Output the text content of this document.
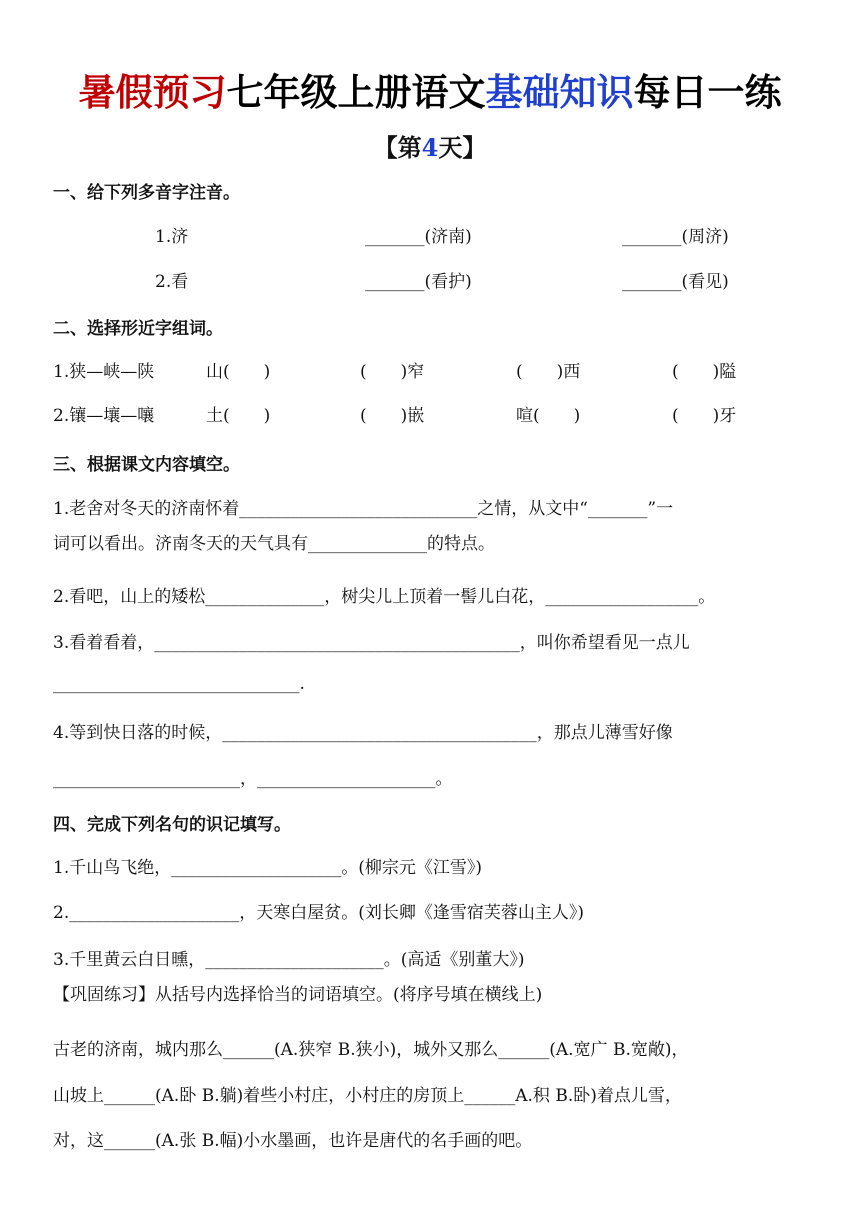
暑假预习七年级上册语文基础知识每日一练
【第4天】
一、给下列多音字注音。
1.济	_______(济南)	_______(周济)
2.看	_______(看护)	_______(看见)
二、选择形近字组词。
1.狭—峡—陕	山(　　)	(　　)窄	(　　)西	(　　)隘
2.镶—壤—嚷	土(　　)	(　　)嵌	喧(　　)	(　　)牙
三、根据课文内容填空。
1.老舍对冬天的济南怀着____________________________之情，从文中“_______”一
词可以看出。济南冬天的天气具有______________的特点。
2.看吧，山上的矮松______________，树尖儿上顶着一髻儿白花，__________________。
3.看着看着，___________________________________________，叫你希望看见一点儿
_____________________________.
4.等到快日落的时候，_____________________________________，那点儿薄雪好像
______________________，_____________________。
四、完成下列名句的识记填写。
1.千山鸟飞绝，____________________。(柳宗元《江雪》)
2.____________________，天寒白屋贫。(刘长卿《逢雪宿芙蓉山主人》)
3.千里黄云白日曛，_____________________。(高适《别董大》)
【巩固练习】从括号内选择恰当的词语填空。(将序号填在横线上)
古老的济南，城内那么______(A.狭窄 B.狭小)，城外又那么______(A.宽广 B.宽敞)，
山坡上______(A.卧 B.躺)着些小村庄，小村庄的房顶上______A.积 B.卧)着点儿雪，
对，这______(A.张 B.幅)小水墨画，也许是唐代的名手画的吧。
